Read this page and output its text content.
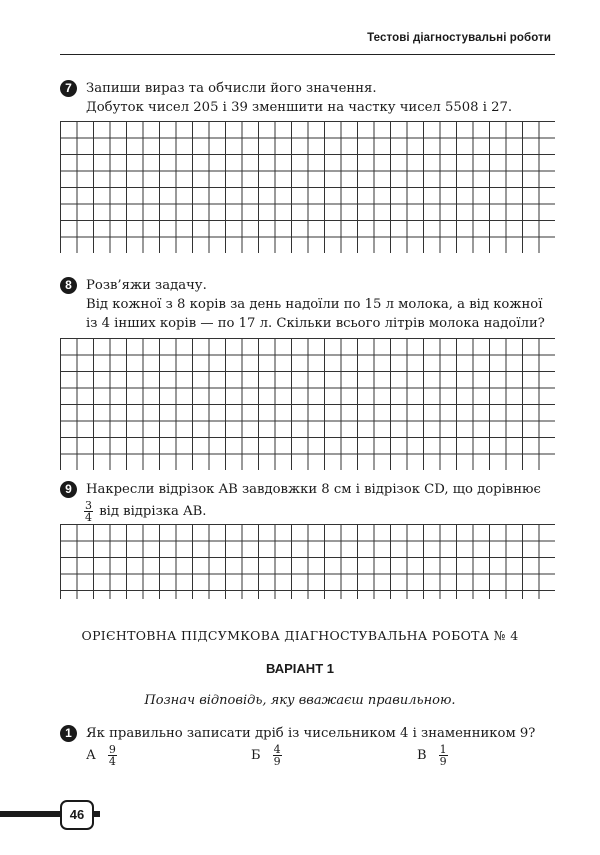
Тестові діагностувальні роботи
7	Запиши вираз та обчисли його значення.
Добуток чисел 205 і 39 зменшити на частку чисел 5508 і 27.
8	Розв’яжи задачу.
Від кожної з 8 корів за день надоїли по 15 л молока, а від кожної
із 4 інших корів — по 17 л. Скільки всього літрів молока надоїли?
9	Накресли відрізок AB завдовжки 8 см і відрізок CD, що дорівнює
$\frac{3}{4}$ від відрізка AB.
ОРІЄНТОВНА ПІДСУМКОВА ДІАГНОСТУВАЛЬНА РОБОТА № 4
ВАРІАНТ 1
Познач відповідь, яку вважаєш правильною.
1	Як правильно записати дріб із чисельником 4 і знаменником 9?
А $\frac{9}{4}$	Б $\frac{4}{9}$	В $\frac{1}{9}$
46
